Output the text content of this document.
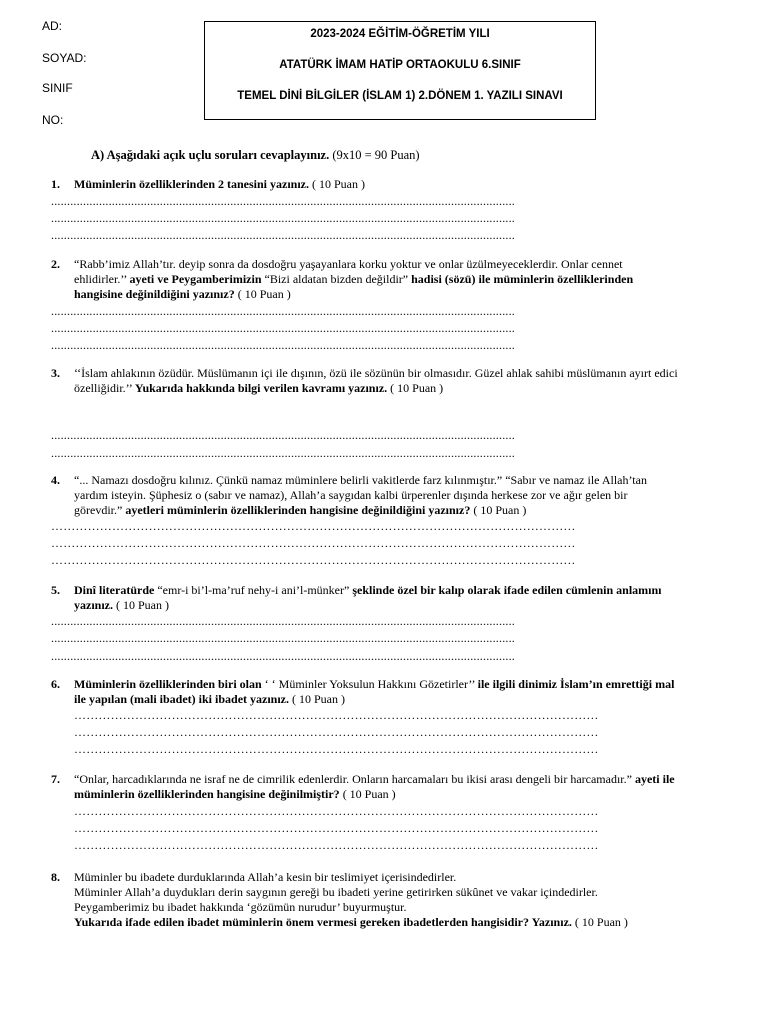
AD:
SOYAD:
SINIF
NO:
2023-2024 EĞİTİM-ÖĞRETİM YILI
ATATÜRK İMAM HATİP ORTAOKULU 6.SINIF
TEMEL DİNİ BİLGİLER (İSLAM 1) 2.DÖNEM 1. YAZILI SINAVI
A) Aşağıdaki açık uçlu soruları cevaplayınız. (9x10 = 90 Puan)
1. Müminlerin özelliklerinden 2 tanesini yazınız. ( 10 Puan )
.................................................................................................................................................
.................................................................................................................................................
.................................................................................................................................................
2. “Rabb’imiz Allah’tır. deyip sonra da dosdoğru yaşayanlara korku yoktur ve onlar üzülmeyeceklerdir. Onlar cennet ehlidirler.’’ ayeti ve Peygamberimizin “Bizi aldatan bizden değildir” hadisi (sözü) ile müminlerin özelliklerinden hangisine değinildiğini yazınız? ( 10 Puan )
.................................................................................................................................................
.................................................................................................................................................
.................................................................................................................................................
3. ‘‘İslam ahlakının özüdür. Müslümanın içi ile dışının, özü ile sözünün bir olmasıdır. Güzel ahlak sahibi müslümanın ayırt edici özelliğidir.’’ Yukarıda hakkında bilgi verilen kavramı yazınız. ( 10 Puan )
.................................................................................................................................................
.................................................................................................................................................
4. “... Namazı dosdoğru kılınız. Çünkü namaz müminlere belirli vakitlerde farz kılınmıştır.” “Sabır ve namaz ile Allah’tan yardım isteyin. Şüphesiz o (sabır ve namaz), Allah’a saygıdan kalbi ürperenler dışında herkese zor ve ağır gelen bir görevdir.” ayetleri müminlerin özelliklerinden hangisine değinildiğini yazınız? ( 10 Puan )
…………………………………………………………………………………………………………………
…………………………………………………………………………………………………………………
…………………………………………………………………………………………………………………
5. Dinî literatürde “emr-i bi’l-ma’ruf nehy-i ani’l-münker” şeklinde özel bir kalıp olarak ifade edilen cümlenin anlamını yazınız. ( 10 Puan )
.................................................................................................................................................
.................................................................................................................................................
.................................................................................................................................................
6. Müminlerin özelliklerinden biri olan ‘ ‘ Müminler Yoksulun Hakkını Gözetirler’’ ile ilgili dinimiz İslam’ın emrettiği mal ile yapılan (mali ibadet) iki ibadet yazınız. ( 10 Puan )
…………………………………………………………………………………………………………………
…………………………………………………………………………………………………………………
…………………………………………………………………………………………………………………
7. “Onlar, harcadıklarında ne israf ne de cimrilik edenlerdir. Onların harcamaları bu ikisi arası dengeli bir harcamadır.” ayeti ile müminlerin özelliklerinden hangisine değinilmiştir? ( 10 Puan )
…………………………………………………………………………………………………………………
…………………………………………………………………………………………………………………
…………………………………………………………………………………………………………………
8. Müminler bu ibadete durduklarında Allah’a kesin bir teslimiyet içerisindedirler.
Müminler Allah’a duydukları derin saygının gereği bu ibadeti yerine getirirken sükûnet ve vakar içindedirler.
Peygamberimiz bu ibadet hakkında ‘gözümün nurudur’ buyurmuştur.
Yukarıda ifade edilen ibadet müminlerin önem vermesi gereken ibadetlerden hangisidir? Yazınız. ( 10 Puan )
